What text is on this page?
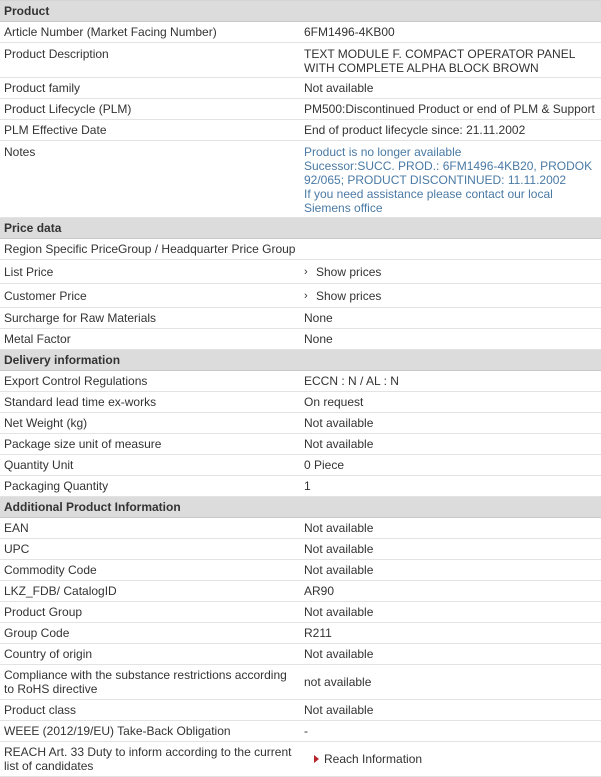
Product
Article Number (Market Facing Number)	6FM1496-4KB00
Product Description	TEXT MODULE F. COMPACT OPERATOR PANEL WITH COMPLETE ALPHA BLOCK BROWN
Product family	Not available
Product Lifecycle (PLM)	PM500:Discontinued Product or end of PLM & Support
PLM Effective Date	End of product lifecycle since: 21.11.2002
Notes	Product is no longer available
Sucessor:SUCC. PROD.: 6FM1496-4KB20, PRODOK 92/065; PRODUCT DISCONTINUED: 11.11.2002
If you need assistance please contact our local Siemens office
Price data
Region Specific PriceGroup / Headquarter Price Group
List Price	› Show prices
Customer Price	› Show prices
Surcharge for Raw Materials	None
Metal Factor	None
Delivery information
Export Control Regulations	ECCN : N / AL : N
Standard lead time ex-works	On request
Net Weight (kg)	Not available
Package size unit of measure	Not available
Quantity Unit	0 Piece
Packaging Quantity	1
Additional Product Information
EAN	Not available
UPC	Not available
Commodity Code	Not available
LKZ_FDB/ CatalogID	AR90
Product Group	Not available
Group Code	R211
Country of origin	Not available
Compliance with the substance restrictions according to RoHS directive	not available
Product class	Not available
WEEE (2012/19/EU) Take-Back Obligation	-
REACH Art. 33 Duty to inform according to the current list of candidates	Reach Information
